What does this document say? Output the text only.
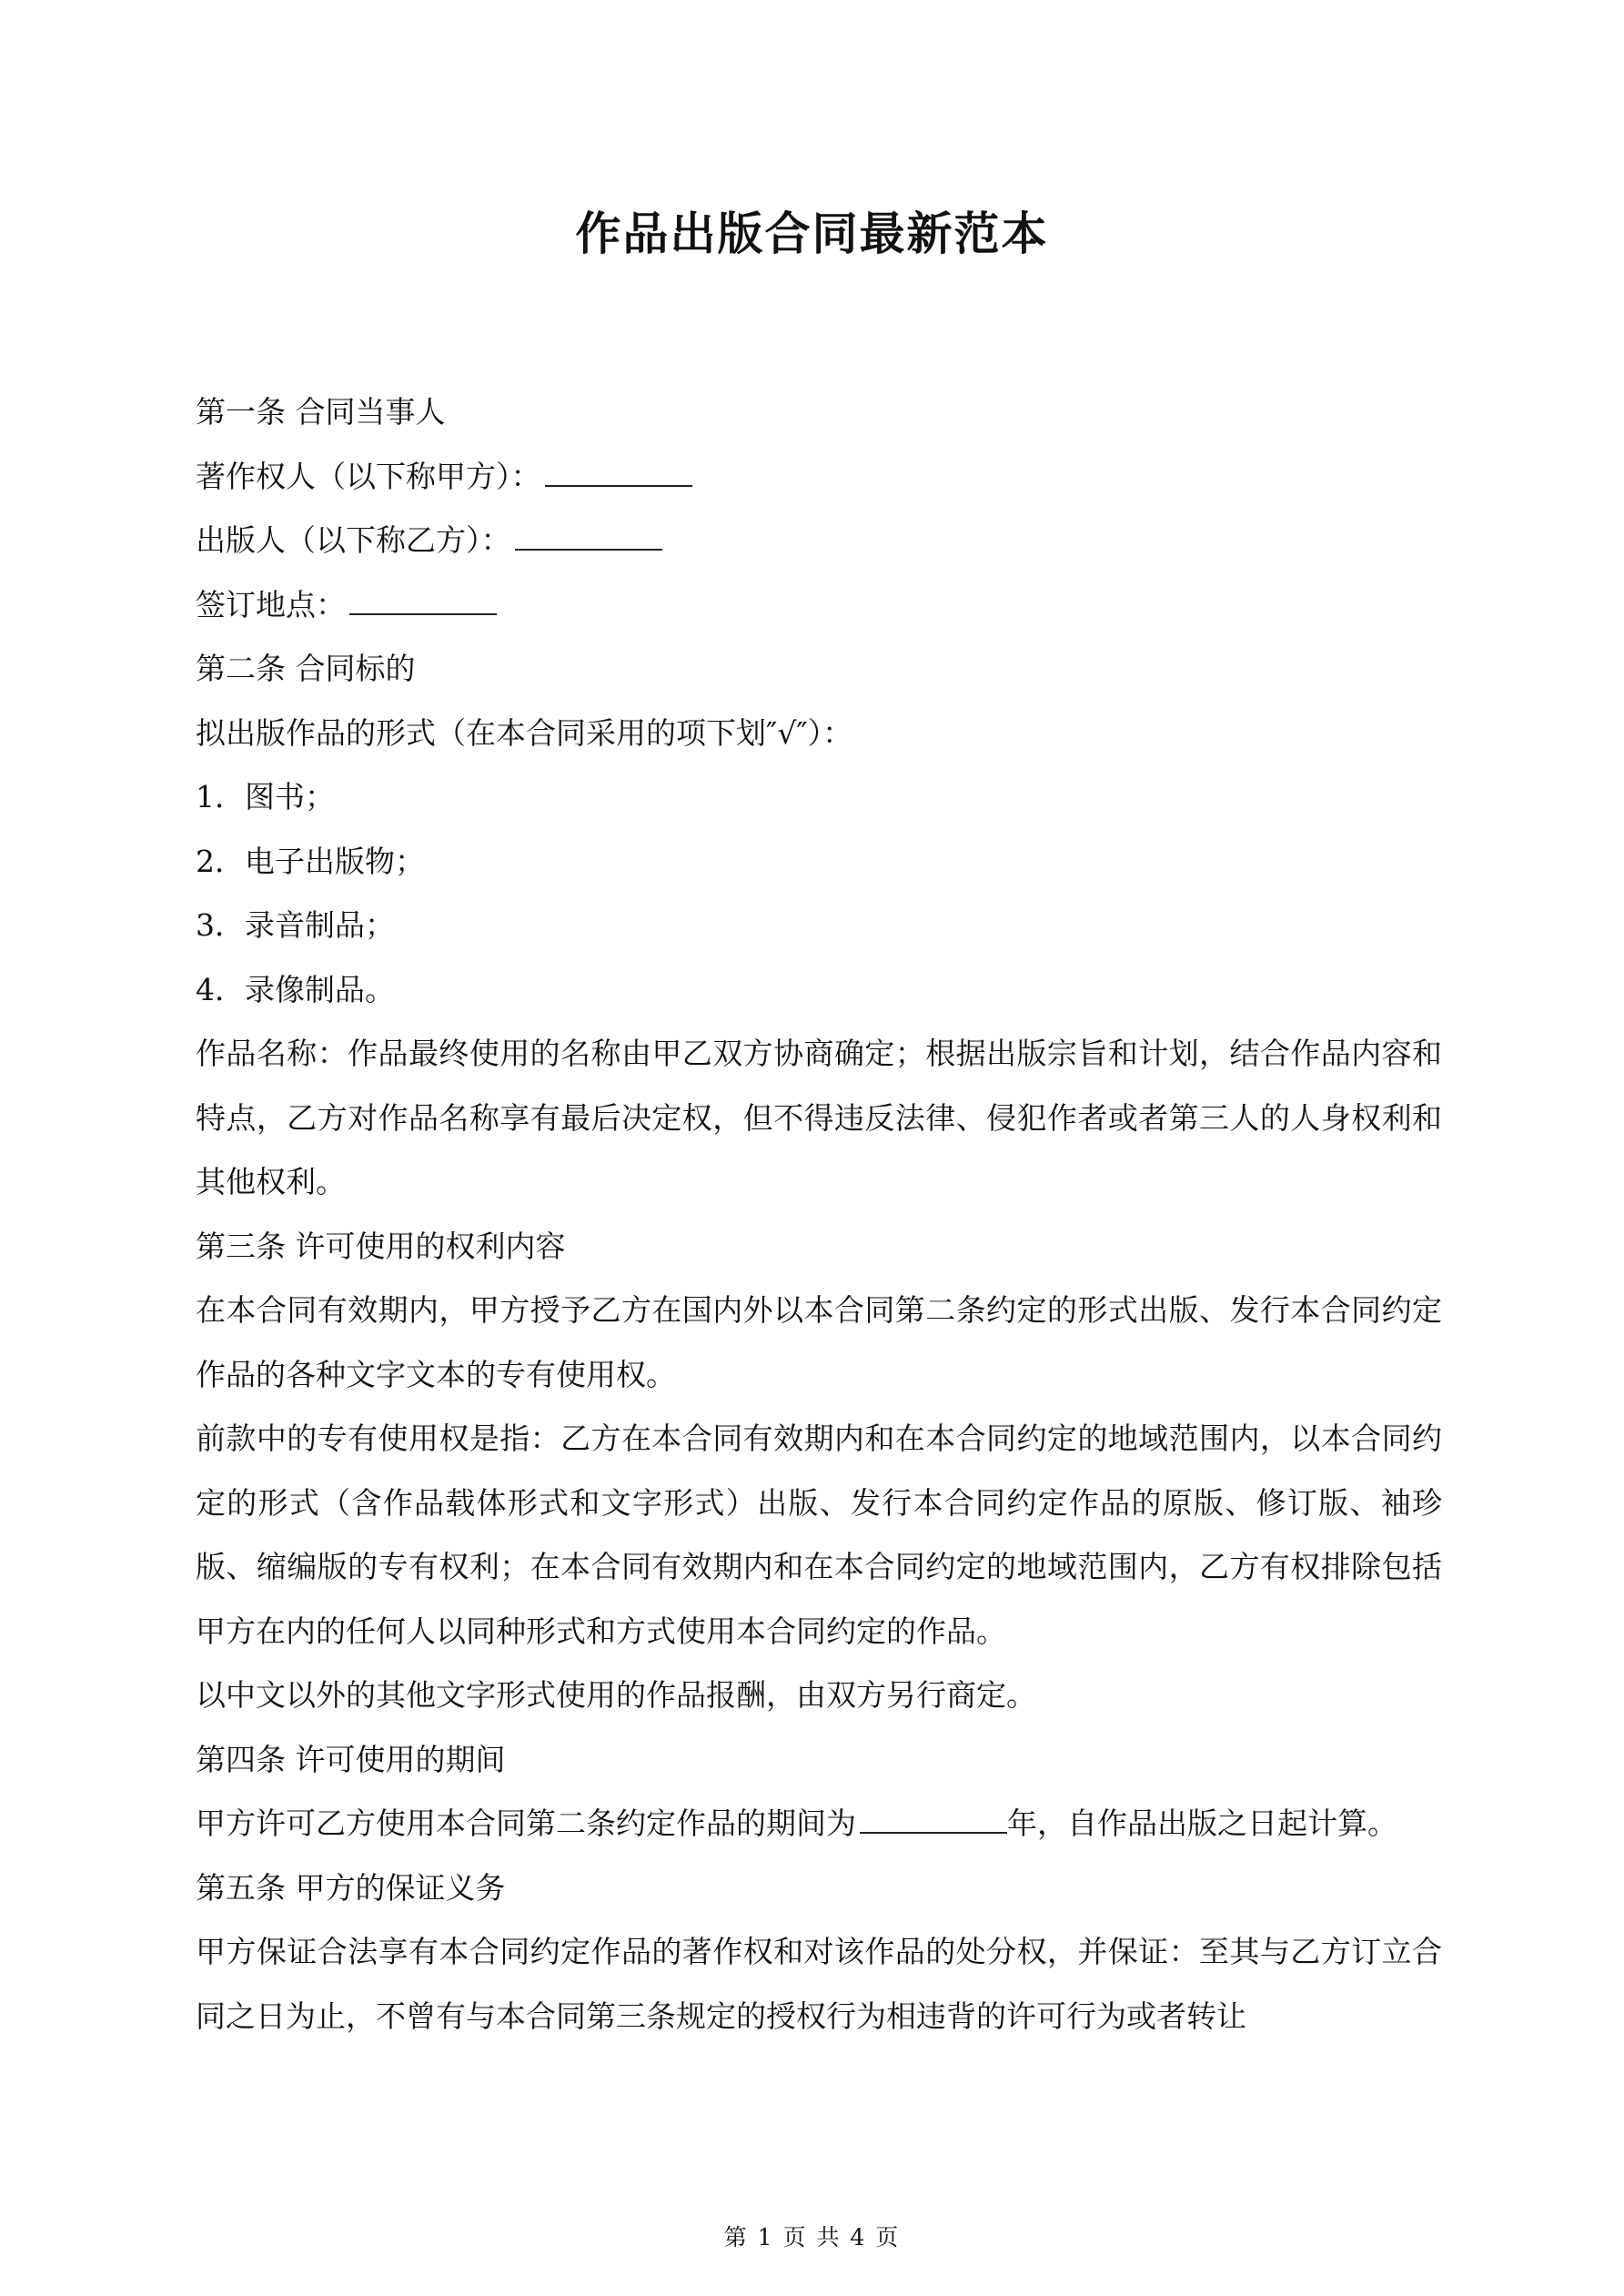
作品出版合同最新范本
第一条 合同当事人
著作权人（以下称甲方）：
出版人（以下称乙方）：
签订地点：
第二条 合同标的
拟出版作品的形式（在本合同采用的项下划″√″）：
1．图书；
2．电子出版物；
3．录音制品；
4．录像制品。
作品名称：作品最终使用的名称由甲乙双方协商确定；根据出版宗旨和计划，结合作品内容和特点，乙方对作品名称享有最后决定权，但不得违反法律、侵犯作者或者第三人的人身权利和其他权利。
第三条 许可使用的权利内容
在本合同有效期内，甲方授予乙方在国内外以本合同第二条约定的形式出版、发行本合同约定作品的各种文字文本的专有使用权。
前款中的专有使用权是指：乙方在本合同有效期内和在本合同约定的地域范围内，以本合同约定的形式（含作品载体形式和文字形式）出版、发行本合同约定作品的原版、修订版、袖珍版、缩编版的专有权利；在本合同有效期内和在本合同约定的地域范围内，乙方有权排除包括甲方在内的任何人以同种形式和方式使用本合同约定的作品。
以中文以外的其他文字形式使用的作品报酬，由双方另行商定。
第四条 许可使用的期间
甲方许可乙方使用本合同第二条约定作品的期间为	年，自作品出版之日起计算。
第五条 甲方的保证义务
甲方保证合法享有本合同约定作品的著作权和对该作品的处分权，并保证：至其与乙方订立合同之日为止，不曾有与本合同第三条规定的授权行为相违背的许可行为或者转让
第 1 页 共 4 页
